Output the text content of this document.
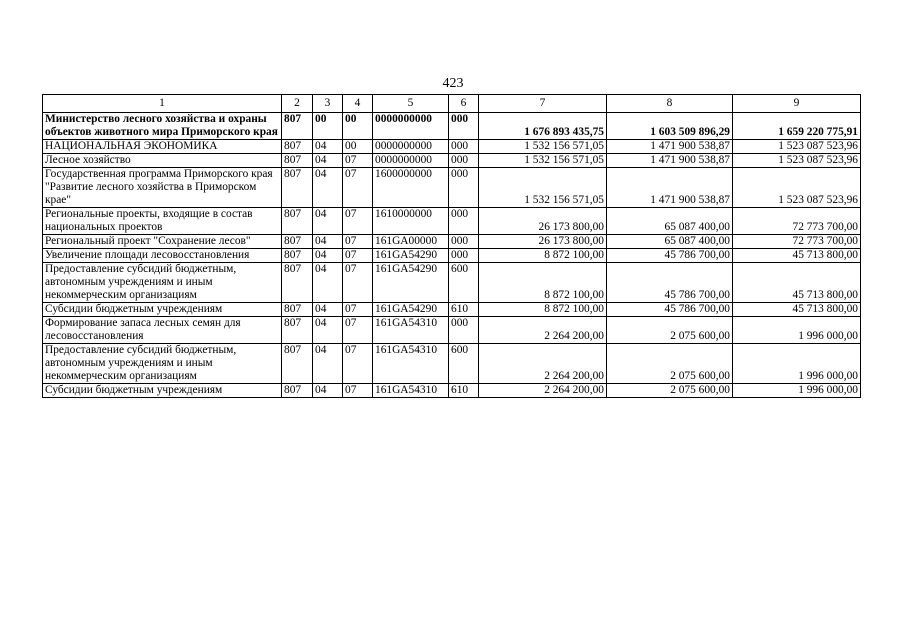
423
1	2	3	4	5	6	7	8	9
Министерство лесного хозяйства и охраны объектов животного мира Приморского края	807	00	00	0000000000	000	1 676 893 435,75	1 603 509 896,29	1 659 220 775,91
НАЦИОНАЛЬНАЯ ЭКОНОМИКА	807	04	00	0000000000	000	1 532 156 571,05	1 471 900 538,87	1 523 087 523,96
Лесное хозяйство	807	04	07	0000000000	000	1 532 156 571,05	1 471 900 538,87	1 523 087 523,96
Государственная программа Приморского края "Развитие лесного хозяйства в Приморском крае"	807	04	07	1600000000	000	1 532 156 571,05	1 471 900 538,87	1 523 087 523,96
Региональные проекты, входящие в состав национальных проектов	807	04	07	1610000000	000	26 173 800,00	65 087 400,00	72 773 700,00
Региональный проект "Сохранение лесов"	807	04	07	161GA00000	000	26 173 800,00	65 087 400,00	72 773 700,00
Увеличение площади лесовосстановления	807	04	07	161GA54290	000	8 872 100,00	45 786 700,00	45 713 800,00
Предоставление субсидий бюджетным, автономным учреждениям и иным некоммерческим организациям	807	04	07	161GA54290	600	8 872 100,00	45 786 700,00	45 713 800,00
Субсидии бюджетным учреждениям	807	04	07	161GA54290	610	8 872 100,00	45 786 700,00	45 713 800,00
Формирование запаса лесных семян для лесовосстановления	807	04	07	161GA54310	000	2 264 200,00	2 075 600,00	1 996 000,00
Предоставление субсидий бюджетным, автономным учреждениям и иным некоммерческим организациям	807	04	07	161GA54310	600	2 264 200,00	2 075 600,00	1 996 000,00
Субсидии бюджетным учреждениям	807	04	07	161GA54310	610	2 264 200,00	2 075 600,00	1 996 000,00
